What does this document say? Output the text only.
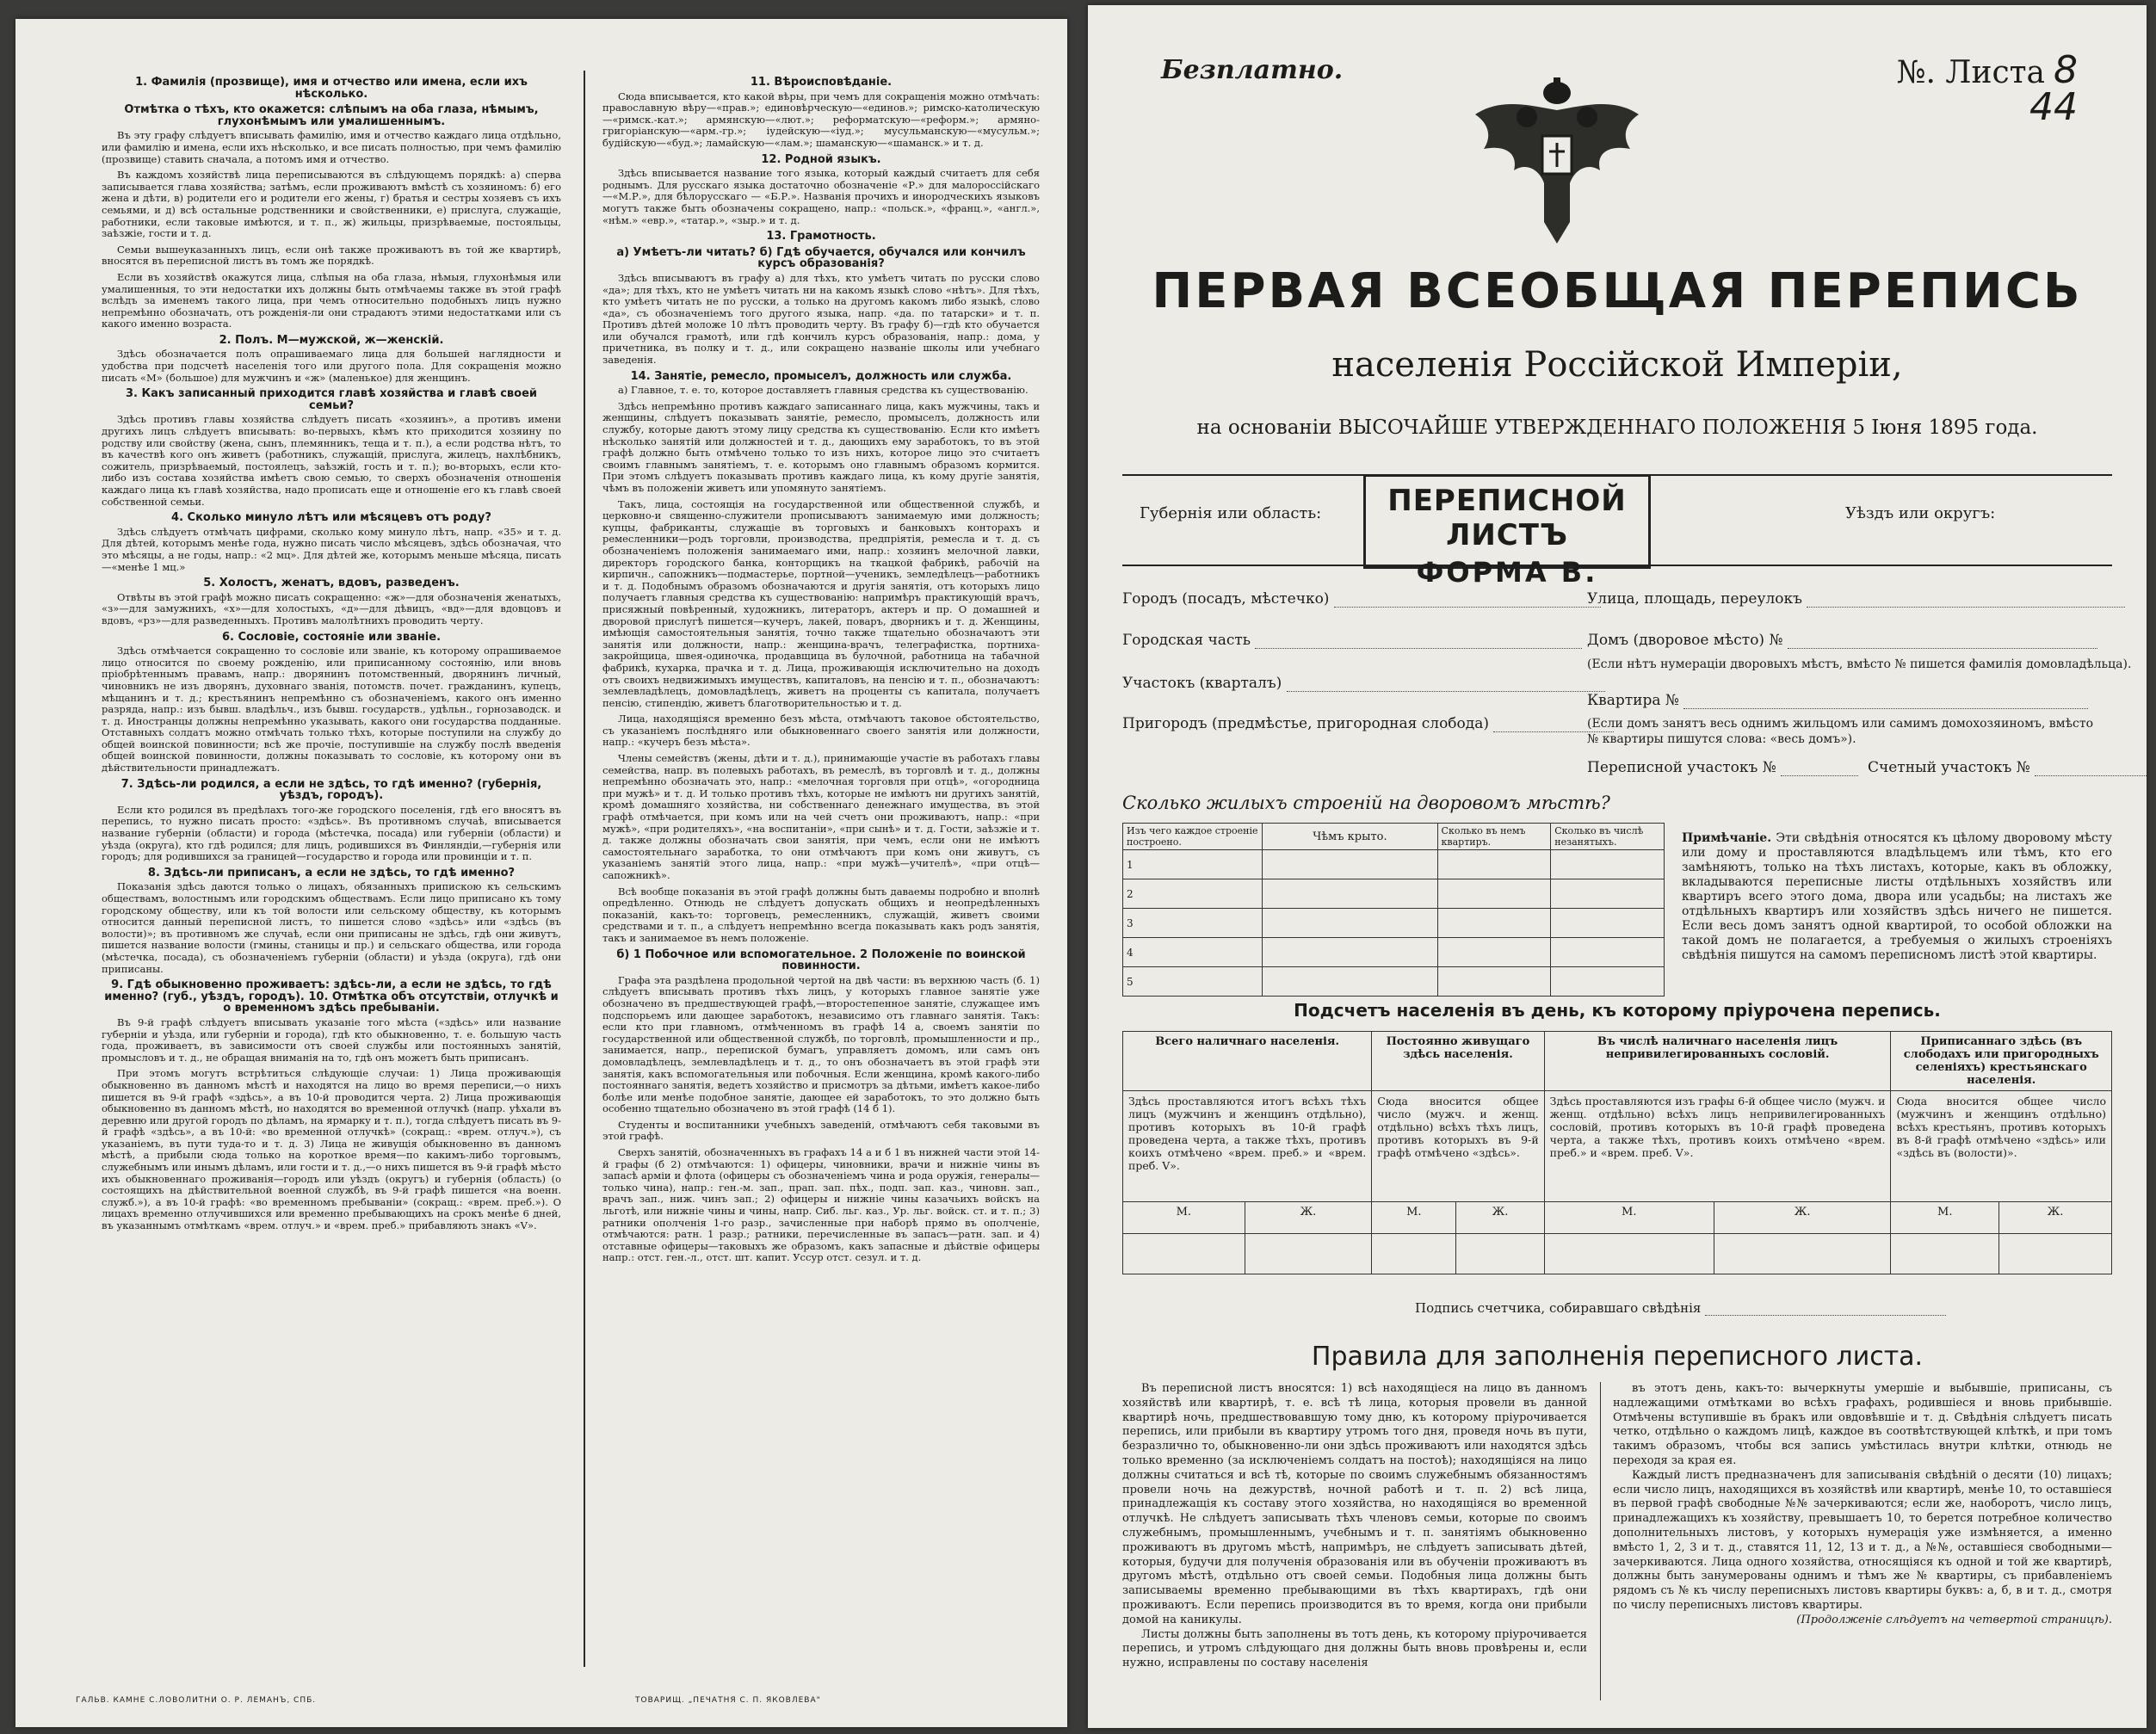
1. Фамилія (прозвище), имя и отчество или имена, если ихъ нѣсколько.
Отмѣтка о тѣхъ, кто окажется: слѣпымъ на оба глаза, нѣмымъ, глухонѣмымъ или умалишеннымъ.

Въ эту графу слѣдуетъ вписывать фамилію, имя и отчество каждаго лица отдѣльно, или фамилію и имена, если ихъ нѣсколько, и все писать полностью, при чемъ фамилію (прозвище) ставить сначала, а потомъ имя и отчество.

Въ каждомъ хозяйствѣ лица переписываются въ слѣдующемъ порядкѣ: а) сперва записывается глава хозяйства; затѣмъ, если проживаютъ вмѣстѣ съ хозяиномъ: б) его жена и дѣти, в) родители его и родители его жены, г) братья и сестры хозяевъ съ ихъ семьями, и д) всѣ остальные родственники и свойственники, е) прислуга, служащіе, работники, если таковые имѣются, и т. п., ж) жильцы, призрѣваемые, постояльцы, заѣзжіе, гости и т. д.

Семьи вышеуказанныхъ лицъ, если онѣ также проживаютъ въ той же квартирѣ, вносятся въ переписной листъ въ томъ же порядкѣ.

Если въ хозяйствѣ окажутся лица, слѣпыя на оба глаза, нѣмыя, глухонѣмыя или умалишенныя, то эти недостатки ихъ должны быть отмѣчаемы также въ этой графѣ вслѣдъ за именемъ такого лица, при чемъ относительно подобныхъ лицъ нужно непремѣнно обозначать, отъ рожденія-ли они страдаютъ этими недостатками или съ какого именно возраста.

2. Полъ. М—мужской, ж—женскій.

Здѣсь обозначается полъ опрашиваемаго лица для большей наглядности и удобства при подсчетѣ населенія того или другого пола. Для сокращенія можно писать «М» (большое) для мужчинъ и «ж» (маленькое) для женщинъ.

3. Какъ записанный приходится главѣ хозяйства и главѣ своей семьи?

Здѣсь противъ главы хозяйства слѣдуетъ писать «хозяинъ», а противъ имени другихъ лицъ слѣдуетъ вписывать: во-первыхъ, кѣмъ кто приходится хозяину по родству или свойству (жена, сынъ, племянникъ, теща и т. п.), а если родства нѣтъ, то въ качествѣ кого онъ живетъ (работникъ, служащій, прислуга, жилецъ, нахлѣбникъ, сожитель, призрѣваемый, постоялецъ, заѣзжій, гость и т. п.); во-вторыхъ, если кто-либо изъ состава хозяйства имѣетъ свою семью, то сверхъ обозначенія отношенія каждаго лица къ главѣ хозяйства, надо прописать еще и отношеніе его къ главѣ своей собственной семьи.

4. Сколько минуло лѣтъ или мѣсяцевъ отъ роду?

Здѣсь слѣдуетъ отмѣчать цифрами, сколько кому минуло лѣтъ, напр. «35» и т. д. Для дѣтей, которымъ менѣе года, нужно писать число мѣсяцевъ, здѣсь обозначая, что это мѣсяцы, а не годы, напр.: «2 мц». Для дѣтей же, которымъ меньше мѣсяца, писать—«менѣе 1 мц.»

5. Холостъ, женатъ, вдовъ, разведенъ.

Отвѣты въ этой графѣ можно писать сокращенно: «ж»—для обозначенія женатыхъ, «з»—для замужнихъ, «х»—для холостыхъ, «д»—для дѣвицъ, «вд»—для вдовцовъ и вдовъ, «рз»—для разведенныхъ. Противъ малолѣтнихъ проводить черту.

6. Сословіе, состояніе или званіе.

Здѣсь отмѣчается сокращенно то сословіе или званіе, къ которому опрашиваемое лицо относится по своему рожденію, или приписанному состоянію, или вновь пріобрѣтеннымъ правамъ, напр.: дворянинъ потомственный, дворянинъ личный, чиновникъ не изъ дворянъ, духовнаго званія, потомств. почет. гражданинъ, купецъ, мѣщанинъ и т. д.; крестьянинъ непремѣнно съ обозначеніемъ, какого онъ именно разряда, напр.: изъ бывш. владѣльч., изъ бывш. государств., удѣльн., горнозаводск. и т. д. Иностранцы должны непремѣнно указывать, какого они государства подданные. Отставныхъ солдатъ можно отмѣчать только тѣхъ, которые поступили на службу до общей воинской повинности; всѣ же прочіе, поступившіе на службу послѣ введенія общей воинской повинности, должны показывать то сословіе, къ которому они въ дѣйствительности принадлежатъ.

7. Здѣсь-ли родился, а если не здѣсь, то гдѣ именно? (губернія, уѣздъ, городъ).

Если кто родился въ предѣлахъ того-же городского поселенія, гдѣ его вносятъ въ перепись, то нужно писать просто: «здѣсь». Въ противномъ случаѣ, вписывается название губерніи (области) и города (мѣстечка, посада) или губерніи (области) и уѣзда (округа), кто гдѣ родился; для лицъ, родившихся въ Финляндіи,—губернія или городъ; для родившихся за границей—государство и города или провинціи и т. п.

8. Здѣсь-ли приписанъ, а если не здѣсь, то гдѣ именно?

Показанія здѣсь даются только о лицахъ, обязанныхъ припискою къ сельскимъ обществамъ, волостнымъ или городскимъ обществамъ. Если лицо приписано къ тому городскому обществу, или къ той волости или сельскому обществу, къ которымъ относится данный переписной листъ, то пишется слово «здѣсь» или «здѣсь (въ волости)»; въ противномъ же случаѣ, если они приписаны не здѣсь, гдѣ они живутъ, пишется название волости (гмины, станицы и пр.) и сельскаго общества, или города (мѣстечка, посада), съ обозначеніемъ губерніи (области) и уѣзда (округа), гдѣ они приписаны.

9. Гдѣ обыкновенно проживаетъ: здѣсь-ли, а если не здѣсь, то гдѣ именно? (губ., уѣздъ, городъ). 10. Отмѣтка объ отсутствіи, отлучкѣ и о временномъ здѣсь пребываніи.

Въ 9-й графѣ слѣдуетъ вписывать указаніе того мѣста («здѣсь» или название губерніи и уѣзда, или губерніи и города), гдѣ кто обыкновенно, т. е. большую часть года, проживаетъ, въ зависимости отъ своей службы или постоянныхъ занятій, промысловъ и т. д., не обращая вниманія на то, гдѣ онъ можетъ быть приписанъ.

При этомъ могутъ встрѣтиться слѣдующіе случаи: 1) Лица проживающія обыкновенно въ данномъ мѣстѣ и находятся на лицо во время переписи,—о нихъ пишется въ 9-й графѣ «здѣсь», а въ 10-й проводится черта. 2) Лица проживающія обыкновенно въ данномъ мѣстѣ, но находятся во временной отлучкѣ (напр. уѣхали въ деревню или другой городъ по дѣламъ, на ярмарку и т. п.), тогда слѣдуетъ писать въ 9-й графѣ «здѣсь», а въ 10-й: «во временной отлучкѣ» (сокращ.: «врем. отлуч.»), съ указаніемъ, въ пути туда-то и т. д. 3) Лица не живущія обыкновенно въ данномъ мѣстѣ, а прибыли сюда только на короткое время—по какимъ-либо торговымъ, служебнымъ или инымъ дѣламъ, или гости и т. д.,—о нихъ пишется въ 9-й графѣ мѣсто ихъ обыкновеннаго проживанія—городъ или уѣздъ (округъ) и губернія (область) (о состоящихъ на дѣйствительной военной службѣ, въ 9-й графѣ пишется «на военн. служб.»), а въ 10-й графѣ: «во временномъ пребываніи» (сокращ.: «врем. преб.»). О лицахъ временно отлучившихся или временно пребывающихъ на срокъ менѣе 6 дней, въ указаннымъ отмѣткамъ «врем. отлуч.» и «врем. преб.» прибавляють знакъ «V».

11. Вѣроисповѣданіе.

Сюда вписывается, кто какой вѣры, при чемъ для сокращенія можно отмѣчать: православную вѣру—«прав.»; единовѣрческую—«единов.»; римско-католическую—«римск.-кат.»; армянскую—«лют.»; реформатскую—«реформ.»; армяно-григоріанскую—«арм.-гр.»; іудейскую—«іуд.»; мусульманскую—«мусульм.»; будійскую—«буд.»; ламайскую—«лам.»; шаманскую—«шаманск.» и т. д.

12. Родной языкъ.

Здѣсь вписывается название того языка, который каждый считаетъ для себя роднымъ. Для русскаго языка достаточно обозначеніе «Р.» для малороссійскаго—«М.Р.», для бѣлорусскаго — «Б.Р.». Названія прочихъ и инородческихъ языковъ могутъ также быть обозначены сокращено, напр.: «польск.», «франц.», «англ.», «нѣм.» «евр.», «татар.», «зыр.» и т. д.

13. Грамотность.
а) Умѣетъ-ли читать? б) Гдѣ обучается, обучался или кончилъ курсъ образованія?

Здѣсь вписываютъ въ графу а) для тѣхъ, кто умѣетъ читать по русски слово «да»; для тѣхъ, кто не умѣетъ читать ни на какомъ языкѣ слово «нѣтъ». Для тѣхъ, кто умѣетъ читать не по русски, а только на другомъ какомъ либо языкѣ, слово «да», съ обозначеніемъ того другого языка, напр. «да. по татарски» и т. п. Противъ дѣтей моложе 10 лѣтъ проводить черту. Въ графу б)—гдѣ кто обучается или обучался грамотѣ, или гдѣ кончилъ курсъ образованія, напр.: дома, у причетника, въ полку и т. д., или сокращено названіе школы или учебнаго заведенія.

14. Занятіе, ремесло, промыселъ, должность или служба.

а) Главное, т. е. то, которое доставляетъ главныя средства къ существованію.

Здѣсь непремѣнно противъ каждаго записаннаго лица, какъ мужчины, такъ и женщины, слѣдуетъ показывать занятіе, ремесло, промыселъ, должность или службу, которые даютъ этому лицу средства къ существованію. Если кто имѣетъ нѣсколько занятій или должностей и т. д., дающихъ ему заработокъ, то въ этой графѣ должно быть отмѣчено только то изъ нихъ, которое лицо это считаетъ своимъ главнымъ занятіемъ, т. е. которымъ оно главнымъ образомъ кормится. При этомъ слѣдуетъ показывать противъ каждаго лица, къ кому другіе занятія, чѣмъ въ положеніи живетъ или упомянуто занятіемъ.

Такъ, лица, состоящія на государственной или общественной службѣ, и церковно-и священно-служители прописываютъ занимаемую ими должность; купцы, фабриканты, служащіе въ торговыхъ и банковыхъ конторахъ и ремесленники—родъ торговли, производства, предпріятія, ремесла и т. д. съ обозначеніемъ положенія занимаемаго ими, напр.: хозяинъ мелочной лавки, директоръ городского банка, конторщикъ на ткацкой фабрикѣ, рабочій на кирпичн., сапожникъ—подмастерье, портной—ученикъ, земледѣлецъ—работникъ и т. д. Подобнымъ образомъ обозначаются и другія занятія, отъ которыхъ лицо получаетъ главныя средства къ существованію: напримѣръ практикующій врачъ, присяжный повѣренный, художникъ, литераторъ, актеръ и пр. О домашней и дворовой прислугѣ пишется—кучеръ, лакей, поваръ, дворникъ и т. д. Женщины, имѣющія самостоятельныя занятія, точно также тщательно обозначаютъ эти занятія или должности, напр.: женщина-врачъ, телеграфистка, портниха-закройщица, швея-одиночка, продавщица въ булочной, работница на табачной фабрикѣ, кухарка, прачка и т. д. Лица, проживающія исключительно на доходъ отъ своихъ недвижимыхъ имуществъ, капиталовъ, на пенсію и т. п., обозначаютъ: землевладѣлецъ, домовладѣлецъ, живетъ на проценты съ капитала, получаетъ пенсію, стипендію, живетъ благотворительностью и т. д.

Лица, находящіяся временно безъ мѣста, отмѣчаютъ таковое обстоятельство, съ указаніемъ послѣдняго или обыкновеннаго своего занятія или должности, напр.: «кучеръ безъ мѣста».

Члены семействъ (жены, дѣти и т. д.), принимающіе участіе въ работахъ главы семейства, напр. въ полевыхъ работахъ, въ ремеслѣ, въ торговлѣ и т. д., должны непремѣнно обозначать это, напр.: «мелочная торговля при отцѣ», «огородница при мужѣ» и т. д. И только противъ тѣхъ, которые не имѣютъ ни другихъ занятій, кромѣ домашняго хозяйства, ни собственнаго денежнаго имущества, въ этой графѣ отмѣчается, при комъ или на чей счетъ они проживаютъ, напр.: «при мужѣ», «при родителяхъ», «на воспитаніи», «при сынѣ» и т. д. Гости, заѣзжіе и т. д. также должны обозначать свои занятія, при чемъ, если они не имѣютъ самостоятельнаго заработка, то они отмѣчаютъ при комъ они живутъ, съ указаніемъ занятій этого лица, напр.: «при мужѣ—учителѣ», «при отцѣ—сапожникѣ».

Всѣ вообще показанія въ этой графѣ должны быть даваемы подробно и вполнѣ опредѣленно. Отнюдь не слѣдуетъ допускать общихъ и неопредѣленныхъ показаній, какъ-то: торговецъ, ремесленникъ, служащій, живетъ своими средствами и т. п., а слѣдуетъ непремѣнно всегда показывать какъ родъ занятія, такъ и занимаемое въ немъ положеніе.

б) 1 Побочное или вспомогательное. 2 Положеніе по воинской повинности.

Графа эта раздѣлена продольной чертой на двѣ части: въ верхнюю часть (б. 1) слѣдуетъ вписывать противъ тѣхъ лицъ, у которыхъ главное занятіе уже обозначено въ предшествующей графѣ,—второстепенное занятіе, служащее имъ подспорьемъ или дающее заработокъ, независимо отъ главнаго занятія. Такъ: если кто при главномъ, отмѣченномъ въ графѣ 14 а, своемъ занятіи по государственной или общественной службѣ, по торговлѣ, промышленности и пр., занимается, напр., перепиской бумагъ, управляетъ домомъ, или самъ онъ домовладѣлецъ, землевладѣлецъ и т. д., то онъ обозначаетъ въ этой графѣ эти занятія, какъ вспомогательныя или побочныя. Если женщина, кромѣ какого-либо постояннаго занятія, ведетъ хозяйство и присмотръ за дѣтьми, имѣетъ какое-либо болѣе или менѣе подобное занятіе, дающее ей заработокъ, то это должно быть особенно тщательно обозначено въ этой графѣ (14 б 1).

Студенты и воспитанники учебныхъ заведеній, отмѣчаютъ себя таковыми въ этой графѣ.

Сверхъ занятій, обозначенныхъ въ графахъ 14 а и б 1 въ нижней части этой 14-й графы (б 2) отмѣчаются: 1) офицеры, чиновники, врачи и нижніе чины въ запасѣ арміи и флота (офицеры съ обозначеніемъ чина и рода оружія, генералы—только чина), напр.: ген.-м. зап., прап. зап. пѣх., подп. зап. каз., чиновн. зап., врачъ зап., ниж. чинъ зап.; 2) офицеры и нижніе чины казачьихъ войскъ на льготѣ, или нижніе чины и чины, напр. Сиб. льг. каз., Ур. льг. войск. ст. и т. п.; 3) ратники ополченія 1-го разр., зачисленные при наборѣ прямо въ ополченіе, отмѣчаются: ратн. 1 разр.; ратники, перечисленные въ запасъ—ратн. зап. и 4) отставные офицеры—таковыхъ же образомъ, какъ запасные и дѣйствіе офицеры напр.: отст. ген.-л., отст. шт. капит. Уссур отст. сезул. и т. д.

ГАЛЬВ. КАМНЕ С.ЛОВОЛИТНИ О. Р. ЛЕМАНЪ, СПБ.	ТОВАРИЩ. „ПЕЧАТНЯ С. П. ЯКОВЛЕВА"
Безплатно.	№. Листа 8
44
ПЕРВАЯ ВСЕОБЩАЯ ПЕРЕПИСЬ
населенія Россійской Имперіи,
на основаніи ВЫСОЧАЙШЕ УТВЕРЖДЕННАГО ПОЛОЖЕНІЯ 5 Іюня 1895 года.
Губернія или область:	ПЕРЕПИСНОЙ ЛИСТЪ
ФОРМА В.
Уѣздъ или округъ:
Городъ (посадъ, мѣстечко)
Городская часть
Участокъ (кварталъ)
Пригородъ (предмѣстье, пригородная слобода)
Улица, площадь, переулокъ
Домъ (дворовое мѣсто) №
(Если нѣтъ нумераціи дворовыхъ мѣстъ, вмѣсто № пишется фамилія домовладѣльца).
Квартира №
(Если домъ занятъ весь однимъ жильцомъ или самимъ домохозяиномъ, вмѣсто № квартиры пишутся слова: «весь домъ»).
Переписной участокъ №	Счетный участокъ №
Сколько жилыхъ строеній на дворовомъ мѣстѣ?
Изъ чего каждое строеніе построено.	Чѣмъ крыто.	Сколько въ немъ квартиръ.	Сколько въ числѣ незанятыхъ.
1			
2			
3			
4			
5			
Примѣчаніе. Эти свѣдѣнія относятся къ цѣлому дворовому мѣсту или дому и проставляются владѣльцемъ или тѣмъ, кто его замѣняютъ, только на тѣхъ листахъ, которые, какъ въ обложку, вкладываются переписные листы отдѣльныхъ хозяйствъ или квартиръ всего этого дома, двора или усадьбы; на листахъ же отдѣльныхъ квартиръ или хозяйствъ здѣсь ничего не пишется. Если весь домъ занятъ одной квартирой, то особой обложки на такой домъ не полагается, а требуемыя о жилыхъ строеніяхъ свѣдѣнія пишутся на самомъ переписномъ листѣ этой квартиры.
Подсчетъ населенія въ день, къ которому пріурочена перепись.
Всего наличнаго населенія.		Постоянно живущаго здѣсь населенія.		Въ числѣ наличнаго населенія лицъ непривилегированныхъ сословій.		Приписаннаго здѣсь (въ слободахъ или пригородныхъ селеніяхъ) крестьянскаго населенія.	
Здѣсь проставляются итогъ всѣхъ тѣхъ лицъ (мужчинъ и женщинъ отдѣльно), противъ которыхъ въ 10-й графѣ проведена черта, а также тѣхъ, противъ коихъ отмѣчено «врем. преб.» и «врем. преб. V».		Сюда вносится общее число (мужч. и женщ. отдѣльно) всѣхъ тѣхъ лицъ, противъ которыхъ въ 9-й графѣ отмѣчено «здѣсь».		Здѣсь проставляются изъ графы 6-й общее число (мужч. и женщ. отдѣльно) всѣхъ лицъ непривилегированныхъ сословій, противъ которыхъ въ 10-й графѣ проведена черта, а также тѣхъ, противъ коихъ отмѣчено «врем. преб.» и «врем. преб. V».		Сюда вносится общее число (мужчинъ и женщинъ отдѣльно) всѣхъ крестьянъ, противъ которыхъ въ 8-й графѣ отмѣчено «здѣсь» или «здѣсь въ (волости)».	
М.	Ж.	М.	Ж.	М.	Ж.	М.	Ж.

Подпись счетчика, собиравшаго свѣдѣнія
Правила для заполненія переписного листа.

Въ переписной листъ вносятся: 1) всѣ находящіеся на лицо въ данномъ хозяйствѣ или квартирѣ, т. е. всѣ тѣ лица, которыя провели въ данной квартирѣ ночь, предшествовавшую тому дню, къ которому пріурочивается перепись, или прибыли въ квартиру утромъ того дня, проведя ночь въ пути, безразлично то, обыкновенно-ли они здѣсь проживаютъ или находятся здѣсь только временно (за исключеніемъ солдатъ на постоѣ); находящіяся на лицо должны считаться и всѣ тѣ, которые по своимъ служебнымъ обязанностямъ провели ночь на дежурствѣ, ночной работѣ и т. п. 2) всѣ лица, принадлежащія къ составу этого хозяйства, но находящіяся во временной отлучкѣ. Не слѣдуетъ записывать тѣхъ членовъ семьи, которые по своимъ служебнымъ, промышленнымъ, учебнымъ и т. п. занятіямъ обыкновенно проживаютъ въ другомъ мѣстѣ, напримѣръ, не слѣдуетъ записывать дѣтей, которыя, будучи для полученія образованія или въ обученіи проживаютъ въ другомъ мѣстѣ, отдѣльно отъ своей семьи. Подобныя лица должны быть записываемы временно пребывающими въ тѣхъ квартирахъ, гдѣ они проживаютъ. Если перепись производится въ то время, когда они прибыли домой на каникулы.

Листы должны быть заполнены въ тотъ день, къ которому пріурочивается перепись, и утромъ слѣдующаго дня должны быть вновь провѣрены и, если нужно, исправлены по составу населенія

въ этотъ день, какъ-то: вычеркнуты умершіе и выбывшіе, приписаны, съ надлежащими отмѣтками во всѣхъ графахъ, родившіеся и вновь прибывшіе. Отмѣчены вступившіе въ бракъ или овдовѣвшіе и т. д. Свѣдѣнія слѣдуетъ писать четко, отдѣльно о каждомъ лицѣ, каждое въ соотвѣтствующей клѣткѣ, и при томъ такимъ образомъ, чтобы вся запись умѣстилась внутри клѣтки, отнюдь не переходя за края ея.

Каждый листъ предназначенъ для записыванія свѣдѣній о десяти (10) лицахъ; если число лицъ, находящихся въ хозяйствѣ или квартирѣ, менѣе 10, то оставшіеся въ первой графѣ свободные №№ зачеркиваются; если же, наоборотъ, число лицъ, принадлежащихъ къ хозяйству, превышаетъ 10, то берется потребное количество дополнительныхъ листовъ, у которыхъ нумерація уже измѣняется, а именно вмѣсто 1, 2, 3 и т. д., ставятся 11, 12, 13 и т. д., а №№, оставшіеся свободными—зачеркиваются. Лица одного хозяйства, относящіяся къ одной и той же квартирѣ, должны быть занумерованы однимъ и тѣмъ же № квартиры, съ прибавленіемъ рядомъ съ № къ числу переписныхъ листовъ квартиры буквъ: а, б, в и т. д., смотря по числу переписныхъ листовъ квартиры.

(Продолженіе слѣдуетъ на четвертой страницѣ).
